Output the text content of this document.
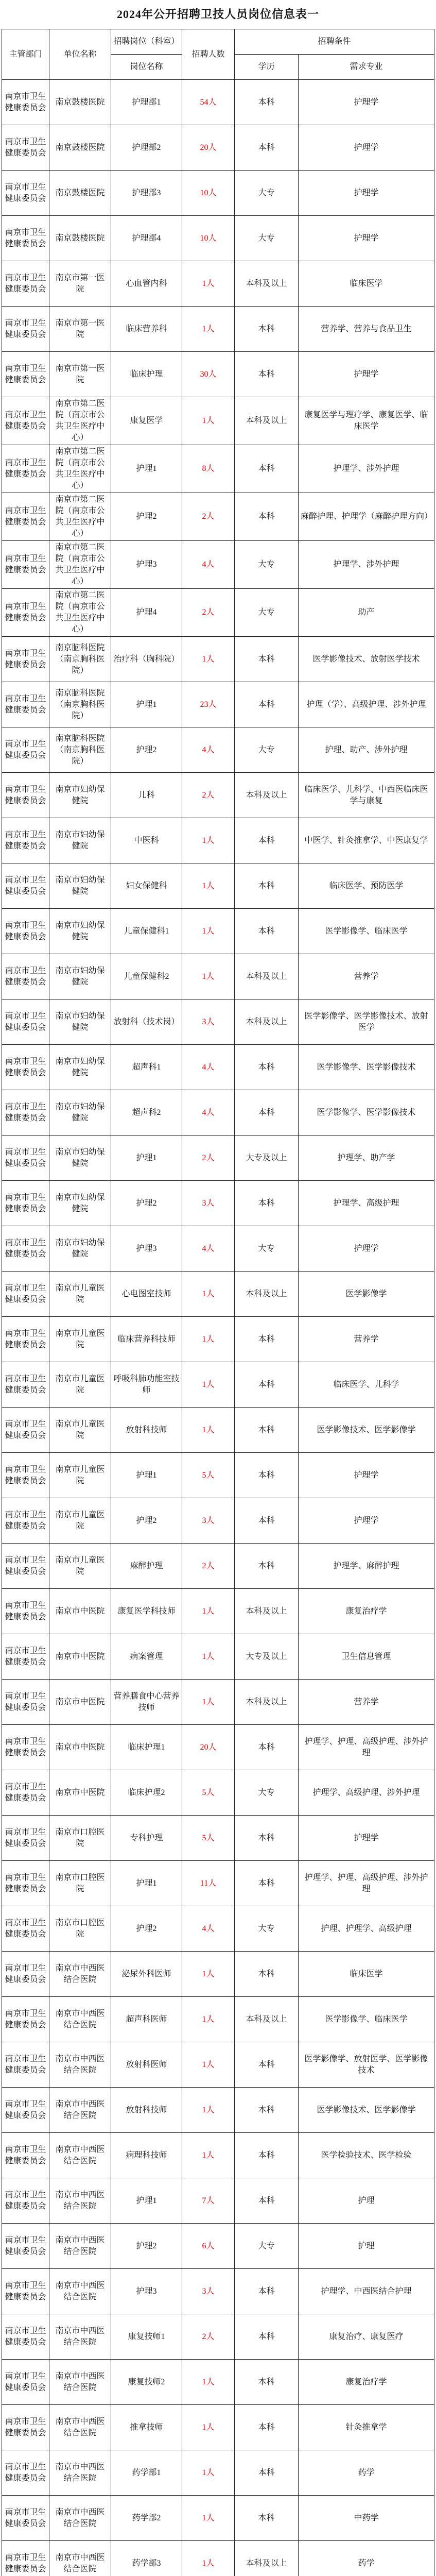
2024年公开招聘卫技人员岗位信息表一
主管部门	单位名称	招聘岗位（科室）	招聘人数	招聘条件	
		岗位名称		学历	需求专业
南京市卫生健康委员会	南京鼓楼医院	护理部1	54人	本科	护理学
南京市卫生健康委员会	南京鼓楼医院	护理部2	20人	本科	护理学
南京市卫生健康委员会	南京鼓楼医院	护理部3	10人	大专	护理学
南京市卫生健康委员会	南京鼓楼医院	护理部4	10人	大专	护理学
南京市卫生健康委员会	南京市第一医院	心血管内科	1人	本科及以上	临床医学
南京市卫生健康委员会	南京市第一医院	临床营养科	1人	本科	营养学、营养与食品卫生
南京市卫生健康委员会	南京市第一医院	临床护理	30人	本科	护理学
南京市卫生健康委员会	南京市第二医院（南京市公共卫生医疗中心）	康复医学	1人	本科及以上	康复医学与理疗学、康复医学、临床医学
南京市卫生健康委员会	南京市第二医院（南京市公共卫生医疗中心）	护理1	8人	本科	护理学、涉外护理
南京市卫生健康委员会	南京市第二医院（南京市公共卫生医疗中心）	护理2	2人	本科	麻醉护理、护理学（麻醉护理方向）
南京市卫生健康委员会	南京市第二医院（南京市公共卫生医疗中心）	护理3	4人	大专	护理学、涉外护理
南京市卫生健康委员会	南京市第二医院（南京市公共卫生医疗中心）	护理4	2人	大专	助产
南京市卫生健康委员会	南京脑科医院（南京胸科医院）	治疗科（胸科院）	1人	本科	医学影像技术、放射医学技术
南京市卫生健康委员会	南京脑科医院（南京胸科医院）	护理1	23人	本科	护理（学）、高级护理、涉外护理
南京市卫生健康委员会	南京脑科医院（南京胸科医院）	护理2	4人	大专	护理、助产、涉外护理
南京市卫生健康委员会	南京市妇幼保健院	儿科	2人	本科及以上	临床医学、儿科学、中西医临床医学与康复
南京市卫生健康委员会	南京市妇幼保健院	中医科	1人	本科	中医学、针灸推拿学、中医康复学
南京市卫生健康委员会	南京市妇幼保健院	妇女保健科	1人	本科	临床医学、预防医学
南京市卫生健康委员会	南京市妇幼保健院	儿童保健科1	1人	本科	医学影像学、临床医学
南京市卫生健康委员会	南京市妇幼保健院	儿童保健科2	1人	本科及以上	营养学
南京市卫生健康委员会	南京市妇幼保健院	放射科（技术岗）	3人	本科及以上	医学影像学、医学影像技术、放射医学
南京市卫生健康委员会	南京市妇幼保健院	超声科1	4人	本科	医学影像学、医学影像技术
南京市卫生健康委员会	南京市妇幼保健院	超声科2	4人	本科	医学影像学、医学影像技术
南京市卫生健康委员会	南京市妇幼保健院	护理1	2人	大专及以上	护理学、助产学
南京市卫生健康委员会	南京市妇幼保健院	护理2	3人	本科	护理学、高级护理
南京市卫生健康委员会	南京市妇幼保健院	护理3	4人	大专	护理学
南京市卫生健康委员会	南京市儿童医院	心电图室技师	1人	本科及以上	医学影像学
南京市卫生健康委员会	南京市儿童医院	临床营养科技师	1人	本科	营养学
南京市卫生健康委员会	南京市儿童医院	呼吸科肺功能室技师	1人	本科	临床医学、儿科学
南京市卫生健康委员会	南京市儿童医院	放射科技师	1人	本科	医学影像技术、医学影像学
南京市卫生健康委员会	南京市儿童医院	护理1	5人	本科	护理学
南京市卫生健康委员会	南京市儿童医院	护理2	3人	本科	护理学
南京市卫生健康委员会	南京市儿童医院	麻醉护理	2人	本科	护理学、麻醉护理
南京市卫生健康委员会	南京市中医院	康复医学科技师	1人	本科及以上	康复治疗学
南京市卫生健康委员会	南京市中医院	病案管理	1人	大专及以上	卫生信息管理
南京市卫生健康委员会	南京市中医院	营养膳食中心营养技师	1人	本科及以上	营养学
南京市卫生健康委员会	南京市中医院	临床护理1	20人	本科	护理学、护理、高级护理、涉外护理
南京市卫生健康委员会	南京市中医院	临床护理2	5人	大专	护理学、高级护理、涉外护理
南京市卫生健康委员会	南京市口腔医院	专科护理	5人	本科	护理学
南京市卫生健康委员会	南京市口腔医院	护理1	11人	本科	护理学、护理、高级护理、涉外护理
南京市卫生健康委员会	南京市口腔医院	护理2	4人	大专	护理、护理学、高级护理
南京市卫生健康委员会	南京市中西医结合医院	泌尿外科医师	1人	本科	临床医学
南京市卫生健康委员会	南京市中西医结合医院	超声科医师	1人	本科及以上	医学影像学、临床医学
南京市卫生健康委员会	南京市中西医结合医院	放射科医师	1人	本科	医学影像学、放射医学、医学影像技术
南京市卫生健康委员会	南京市中西医结合医院	放射科技师	1人	本科	医学影像技术、医学影像学
南京市卫生健康委员会	南京市中西医结合医院	病理科技师	1人	本科	医学检验技术、医学检验
南京市卫生健康委员会	南京市中西医结合医院	护理1	7人	本科	护理
南京市卫生健康委员会	南京市中西医结合医院	护理2	6人	大专	护理
南京市卫生健康委员会	南京市中西医结合医院	护理3	3人	本科	护理学、中西医结合护理
南京市卫生健康委员会	南京市中西医结合医院	康复技师1	2人	本科	康复治疗、康复医疗
南京市卫生健康委员会	南京市中西医结合医院	康复技师2	1人	本科	康复治疗学
南京市卫生健康委员会	南京市中西医结合医院	推拿技师	1人	本科	针灸推拿学
南京市卫生健康委员会	南京市中西医结合医院	药学部1	1人	本科	药学
南京市卫生健康委员会	南京市中西医结合医院	药学部2	1人	本科	中药学
南京市卫生健康委员会	南京市中西医结合医院	药学部3	1人	本科及以上	药学
